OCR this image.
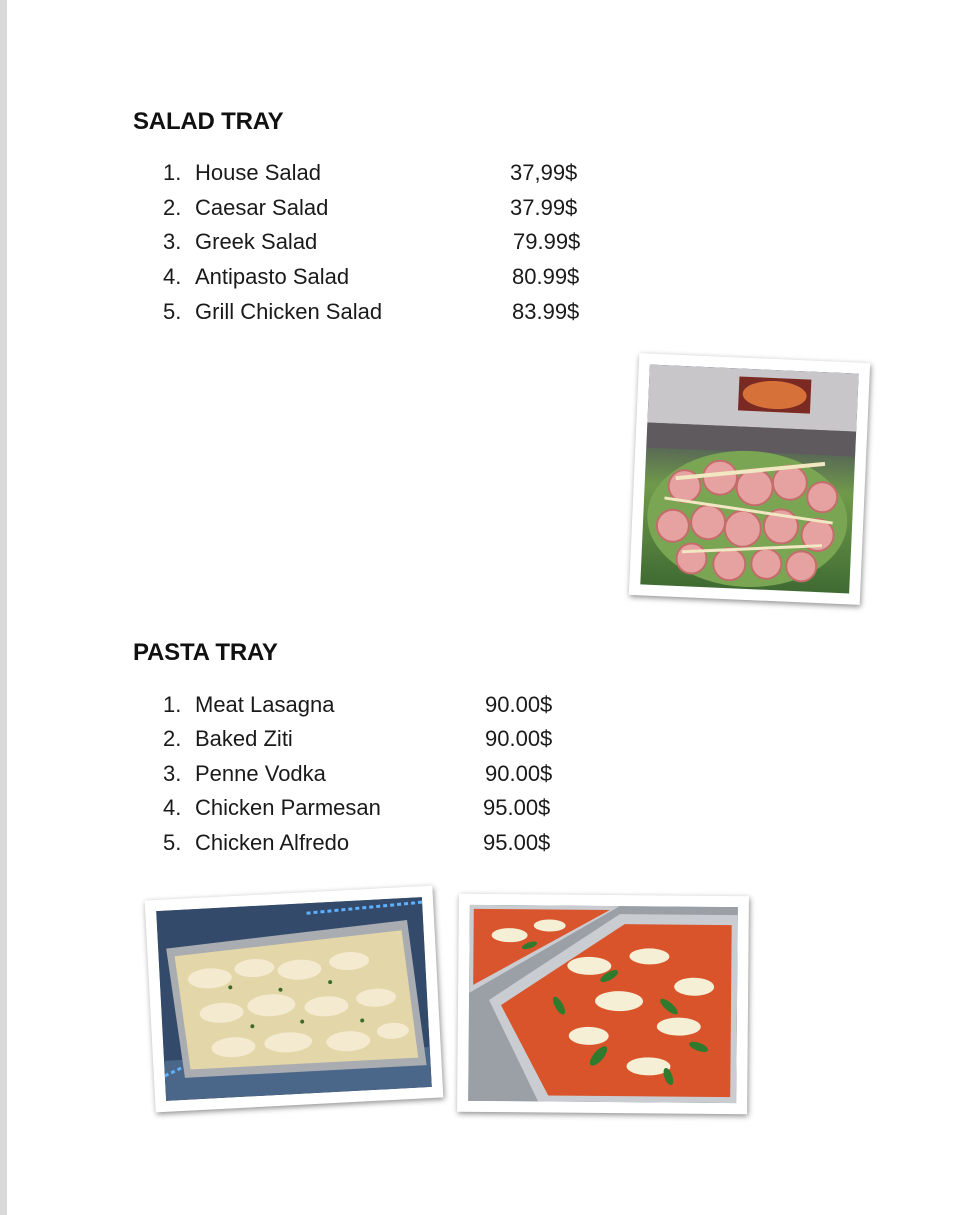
SALAD TRAY
1. House Salad	37,99$
2. Caesar Salad	37.99$
3. Greek Salad	79.99$
4. Antipasto Salad	80.99$
5. Grill Chicken Salad	83.99$
PASTA TRAY
1. Meat Lasagna	90.00$
2. Baked Ziti	90.00$
3. Penne Vodka	90.00$
4. Chicken Parmesan	95.00$
5. Chicken Alfredo	95.00$
